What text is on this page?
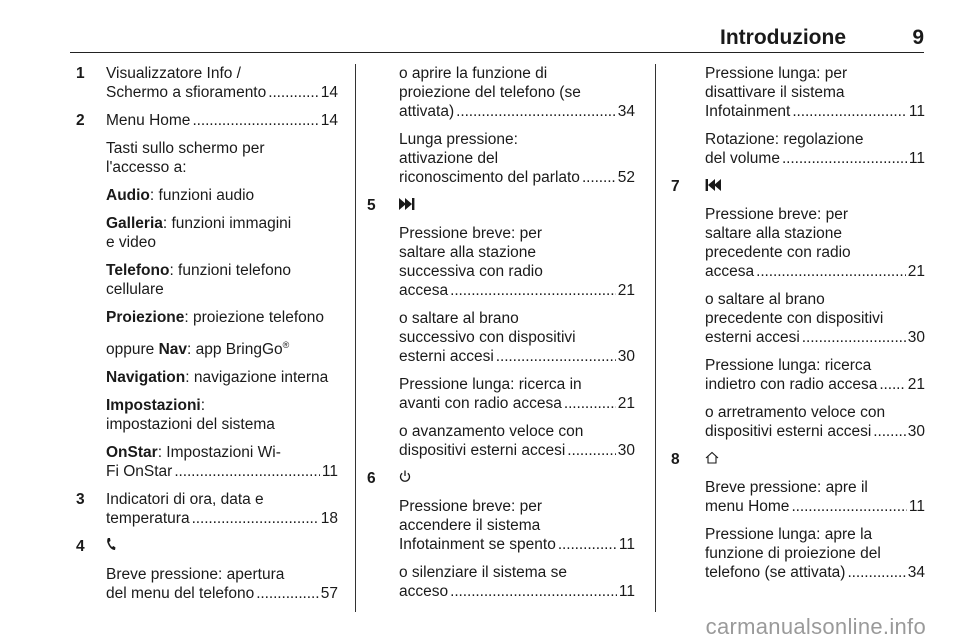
Introduzione	9
1 Visualizzatore Info /
Schermo a sfioramento . . .	14
2 Menu Home . . .	14
Tasti sullo schermo per
l'accesso a:
Audio: funzioni audio
Galleria: funzioni immagini
e video
Telefono: funzioni telefono
cellulare
Proiezione: proiezione telefono
oppure Nav: app BringGo®
Navigation: navigazione interna
Impostazioni:
impostazioni del sistema
OnStar: Impostazioni Wi-
Fi OnStar . . .	11
3 Indicatori di ora, data e
temperatura . . .	18
4
Breve pressione: apertura
del menu del telefono . . .	57
o aprire la funzione di
proiezione del telefono (se
attivata) . . .	34
Lunga pressione:
attivazione del
riconoscimento del parlato . . . 52
5
Pressione breve: per
saltare alla stazione
successiva con radio
accesa . . .	21
o saltare al brano
successivo con dispositivi
esterni accesi . . .	30
Pressione lunga: ricerca in
avanti con radio accesa . . .	21
o avanzamento veloce con
dispositivi esterni accesi . . .	30
6
Pressione breve: per
accendere il sistema
Infotainment se spento . . .	11
o silenziare il sistema se
acceso . . .	11
Pressione lunga: per
disattivare il sistema
Infotainment . . .	11
Rotazione: regolazione
del volume . . .	11
7
Pressione breve: per
saltare alla stazione
precedente con radio
accesa . . .	21
o saltare al brano
precedente con dispositivi
esterni accesi . . .	30
Pressione lunga: ricerca
indietro con radio accesa . . . 21
o arretramento veloce con
dispositivi esterni accesi . . . 30
8
Breve pressione: apre il
menu Home . . .	11
Pressione lunga: apre la
funzione di proiezione del
telefono (se attivata) . . .	34
carmanualsonline.info
